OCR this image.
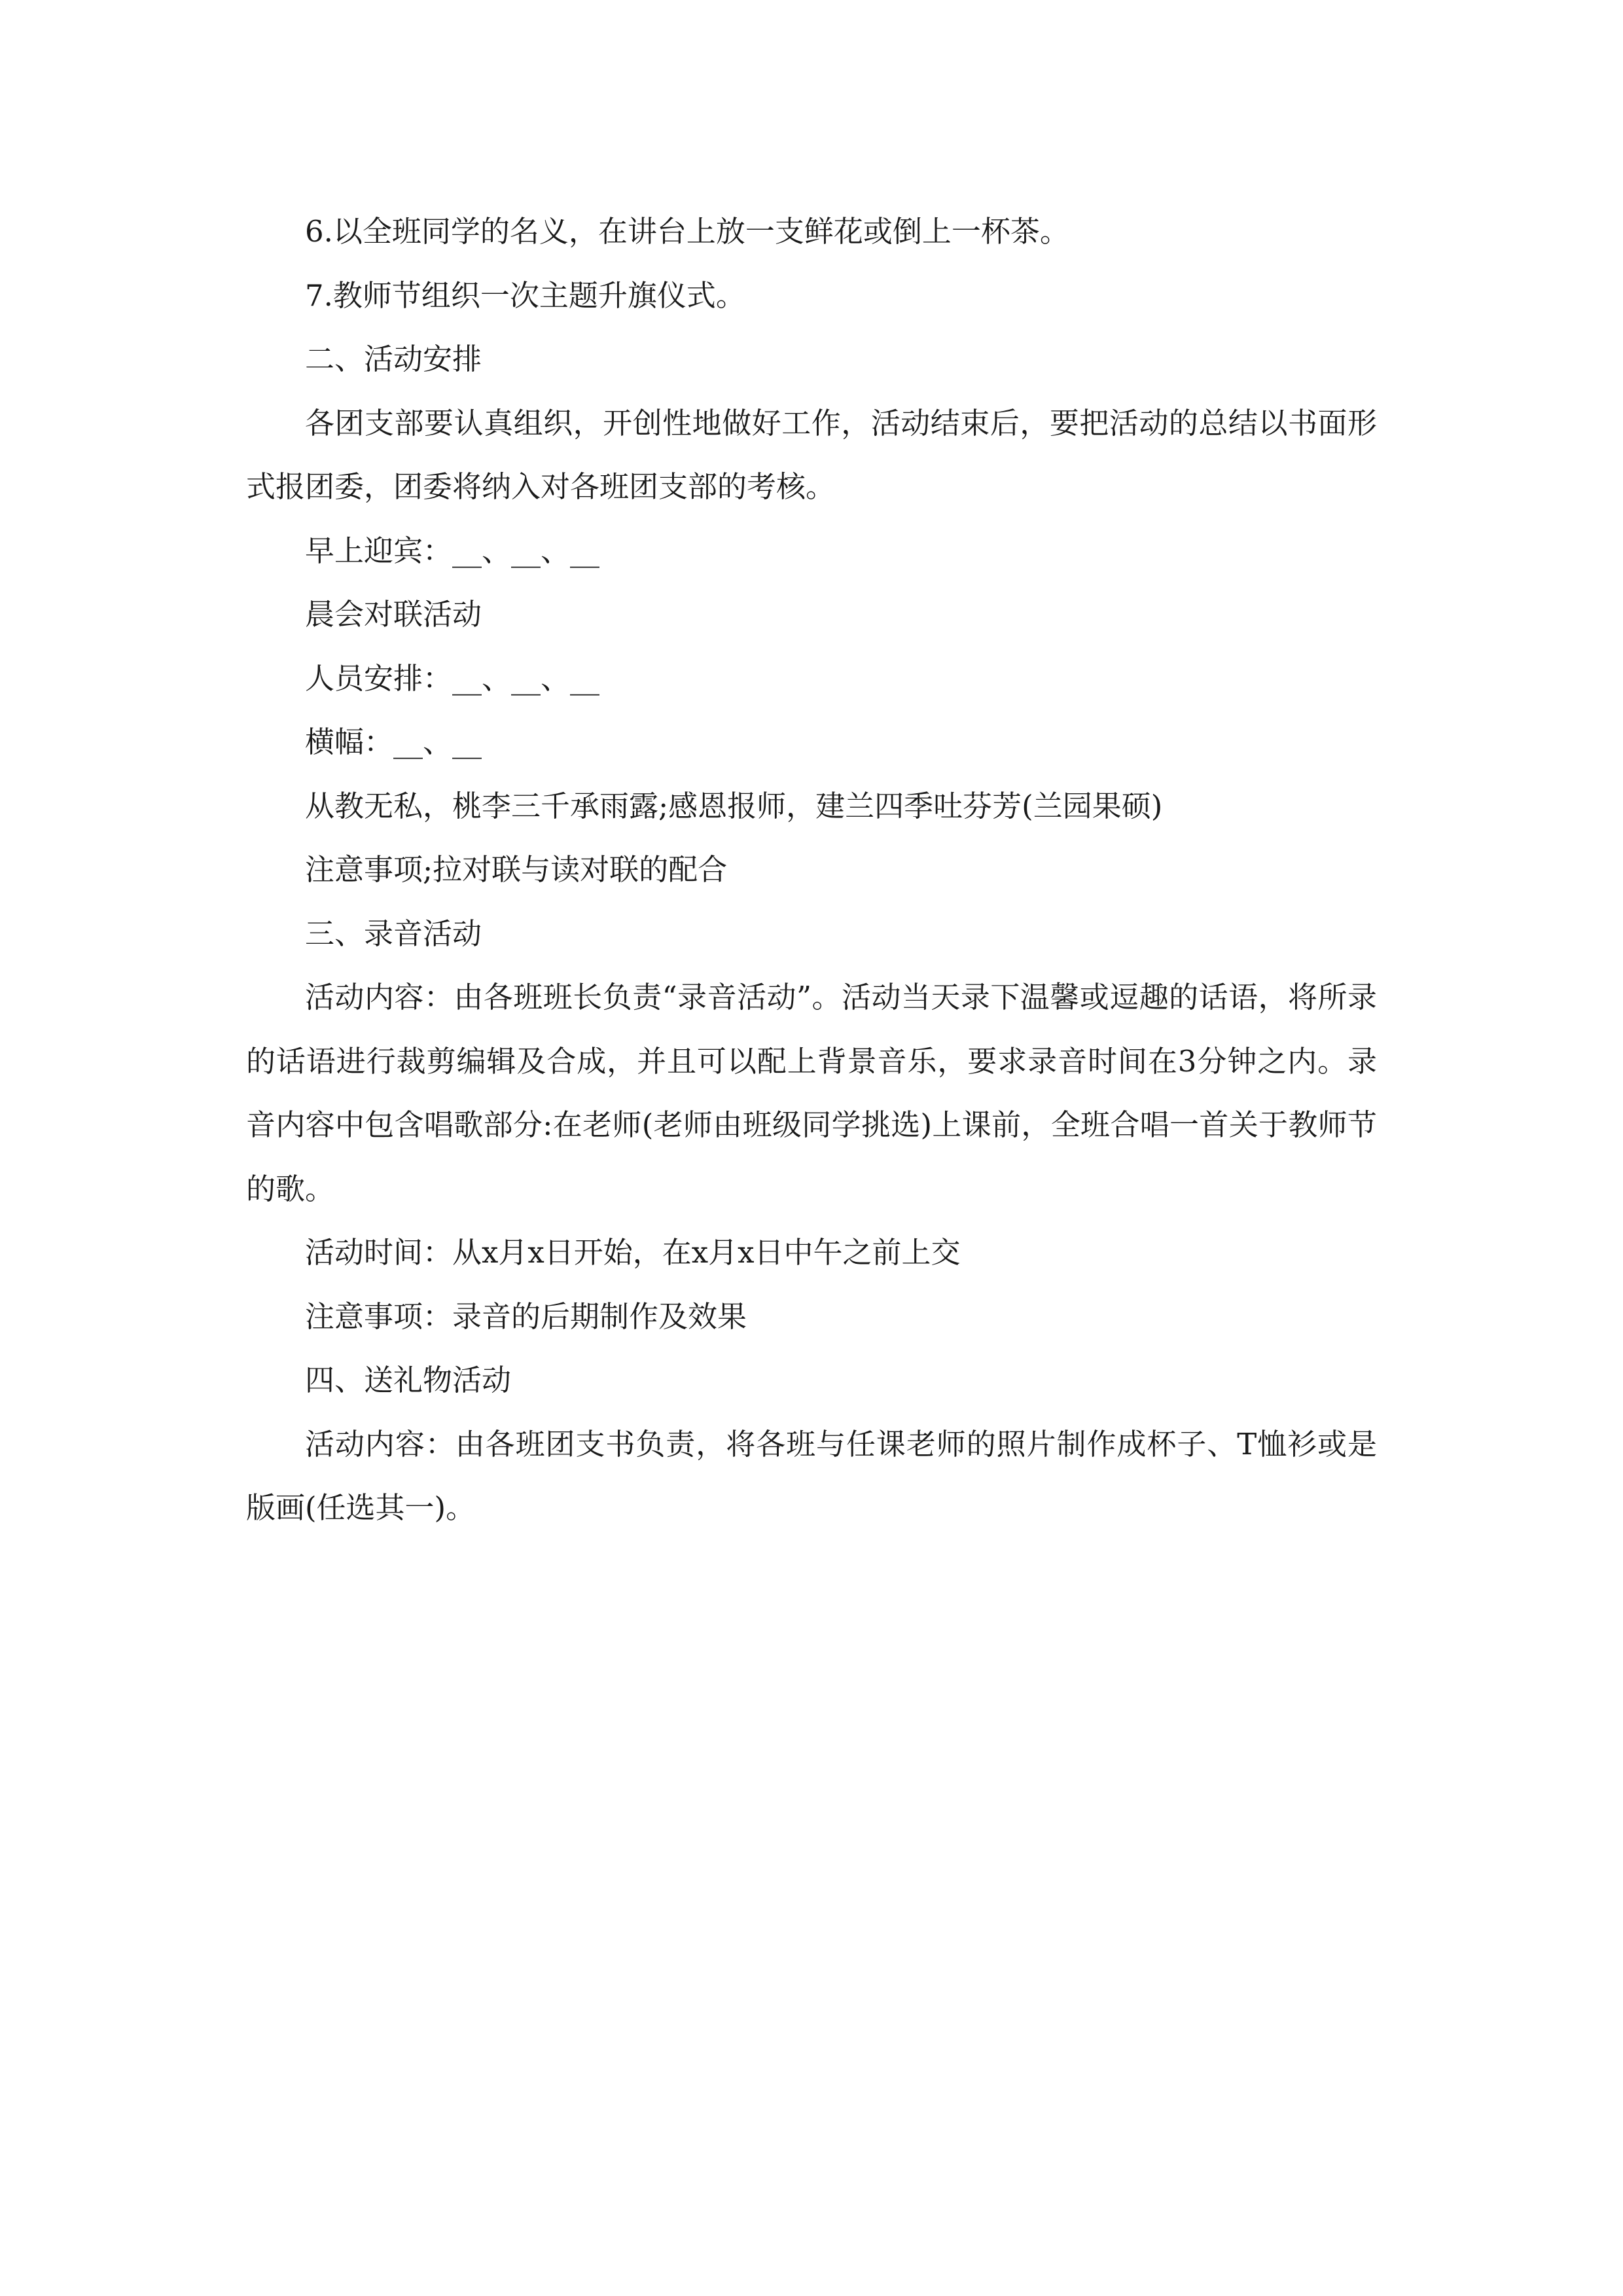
6.以全班同学的名义，在讲台上放一支鲜花或倒上一杯茶。

7.教师节组织一次主题升旗仪式。

二、活动安排

各团支部要认真组织，开创性地做好工作，活动结束后，要把活动的总结以书面形式报团委，团委将纳入对各班团支部的考核。

早上迎宾：__、__、__

晨会对联活动

人员安排：__、__、__

横幅：__、__

从教无私，桃李三千承雨露;感恩报师，建兰四季吐芬芳(兰园果硕)

注意事项;拉对联与读对联的配合

三、录音活动

活动内容：由各班班长负责“录音活动”。活动当天录下温馨或逗趣的话语，将所录的话语进行裁剪编辑及合成，并且可以配上背景音乐，要求录音时间在3分钟之内。录音内容中包含唱歌部分:在老师(老师由班级同学挑选)上课前，全班合唱一首关于教师节的歌。

活动时间：从x月x日开始，在x月x日中午之前上交

注意事项：录音的后期制作及效果

四、送礼物活动

活动内容：由各班团支书负责，将各班与任课老师的照片制作成杯子、T恤衫或是版画(任选其一)。
